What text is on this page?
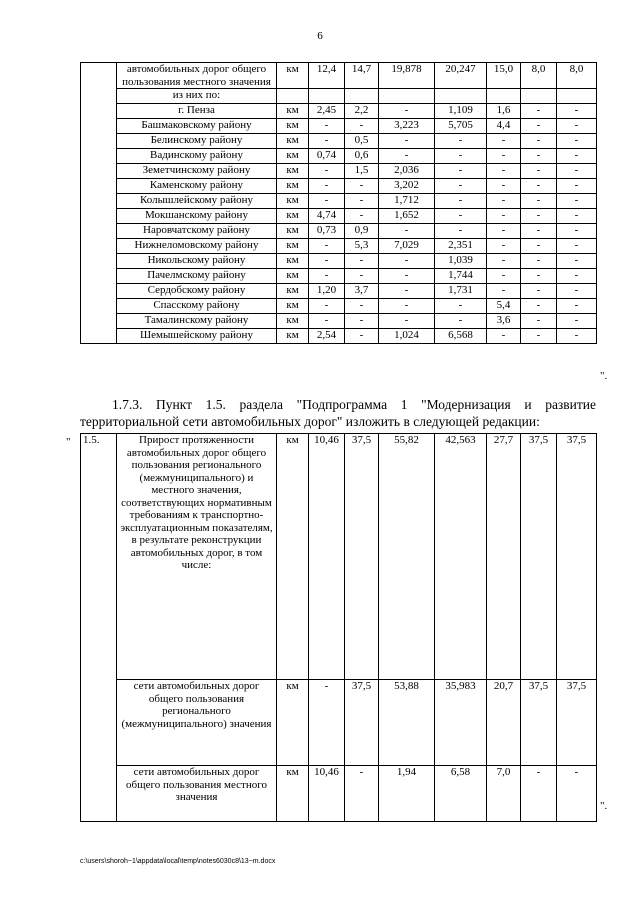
6
	автомобильных дорог общего пользования местного значения	км	12,4	14,7	19,878	20,247	15,0	8,0	8,0
	из них по:								
	г. Пенза	км	2,45	2,2	-	1,109	1,6	-	-
	Башмаковскому району	км	-	-	3,223	5,705	4,4	-	-
	Белинскому району	км	-	0,5	-	-	-	-	-
	Вадинскому району	км	0,74	0,6	-	-	-	-	-
	Земетчинскому району	км	-	1,5	2,036	-	-	-	-
	Каменскому району	км	-	-	3,202	-	-	-	-
	Колышлейскому району	км	-	-	1,712	-	-	-	-
	Мокшанскому району	км	4,74	-	1,652	-	-	-	-
	Наровчатскому району	км	0,73	0,9	-	-	-	-	-
	Нижнеломовскому району	км	-	5,3	7,029	2,351	-	-	-
	Никольскому району	км	-	-	-	1,039	-	-	-
	Пачелмскому району	км	-	-	-	1,744	-	-	-
	Сердобскому району	км	1,20	3,7	-	1,731	-	-	-
	Спасскому району	км	-	-	-	-	5,4	-	-
	Тамалинскому району	км	-	-	-	-	3,6	-	-
	Шемышейскому району	км	2,54	-	1,024	6,568	-	-	-
".
1.7.3. Пункт 1.5. раздела "Подпрограмма 1 "Модернизация и развитие территориальной сети автомобильных дорог" изложить в следующей редакции:
" 1.5.	Прирост протяженности автомобильных дорог общего пользования регионального (межмуниципального) и местного значения, соответствующих нормативным требованиям к транспортно-эксплуатационным показателям, в результате реконструкции автомобильных дорог, в том числе:	км	10,46	37,5	55,82	42,563	27,7	37,5	37,5
	сети автомобильных дорог общего пользования регионального (межмуниципального) значения	км	-	37,5	53,88	35,983	20,7	37,5	37,5
	сети автомобильных дорог общего пользования местного значения	км	10,46	-	1,94	6,58	7,0	-	-
".
c:\users\shoroh~1\appdata\local\temp\notes6030c8\13~m.docx
